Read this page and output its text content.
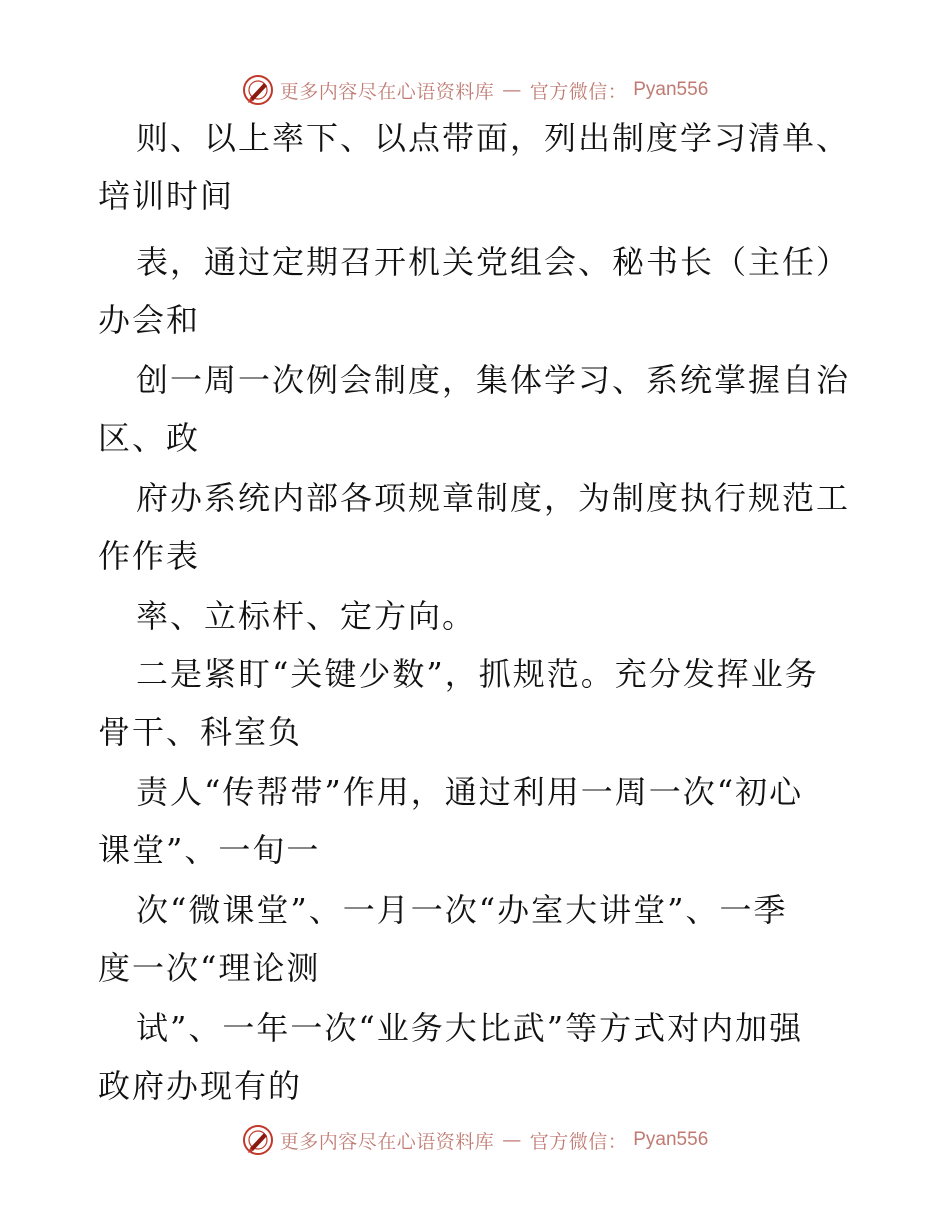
更多内容尽在心语资料库 — 官方微信： Pyan556
则、以上率下、以点带面，列出制度学习清单、
培训时间
表，通过定期召开机关党组会、秘书长（主任）
办会和
创一周一次例会制度，集体学习、系统掌握自治
区、政
府办系统内部各项规章制度，为制度执行规范工
作作表
率、立标杆、定方向。
二是紧盯“关键少数”，抓规范。充分发挥业务
骨干、科室负
责人“传帮带”作用，通过利用一周一次“初心
课堂”、一旬一
次“微课堂”、一月一次“办室大讲堂”、一季
度一次“理论测
试”、一年一次“业务大比武”等方式对内加强
政府办现有的
更多内容尽在心语资料库 — 官方微信： Pyan556
